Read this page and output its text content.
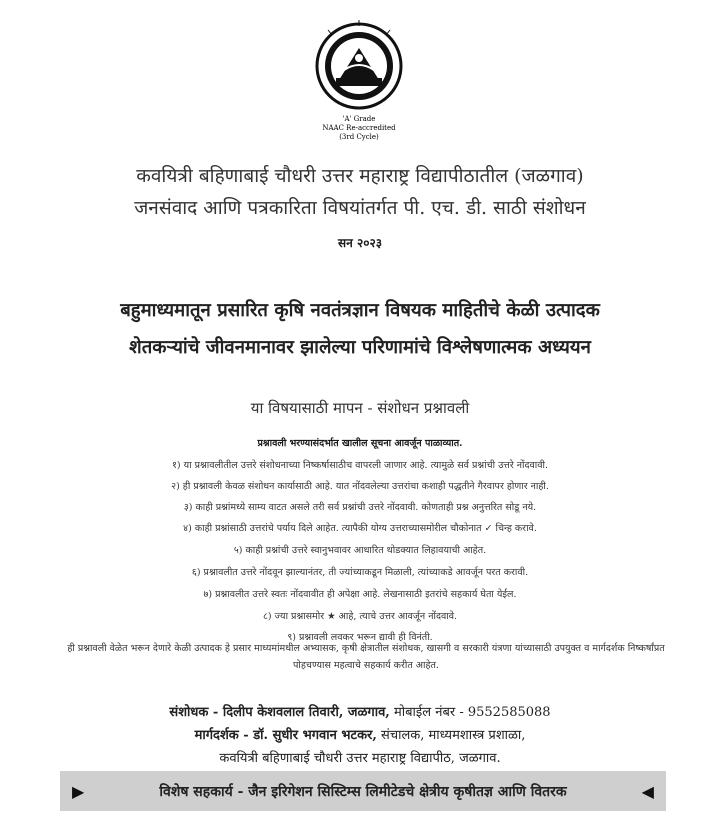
'A' Grade
NAAC Re-accredited
(3rd Cycle)
कवयित्री बहिणाबाई चौधरी उत्तर महाराष्ट्र विद्यापीठातील (जळगाव)
जनसंवाद आणि पत्रकारिता विषयांतर्गत पी. एच. डी. साठी संशोधन
सन २०२३
बहुमाध्यमातून प्रसारित कृषि नवतंत्रज्ञान विषयक माहितीचे केळी उत्पादक
शेतकऱ्यांचे जीवनमानावर झालेल्या परिणामांचे विश्लेषणात्मक अध्ययन
या विषयासाठी मापन - संशोधन प्रश्नावली
प्रश्नावली भरण्यासंदर्भात खालील सूचना आवर्जून पाळाव्यात.
१) या प्रश्नावलीतील उत्तरे संशोधनाच्या निष्कर्षासाठीच वापरली जाणार आहे. त्यामुळे सर्व प्रश्नांची उत्तरे नोंदवावी.
२) ही प्रश्नावली केवळ संशोधन कार्यासाठी आहे. यात नोंदवलेल्या उत्तरांचा कशाही पद्धतीने गैरवापर होणार नाही.
३) काही प्रश्नांमध्ये साम्य वाटत असले तरी सर्व प्रश्नांची उत्तरे नोंदवावी. कोणताही प्रश्न अनुत्तरित सोडू नये.
४) काही प्रश्नांसाठी उत्तरांचे पर्याय दिले आहेत. त्यापैकी योग्य उत्तराच्यासमोरील चौकोनात ✓ चिन्ह करावे.
५) काही प्रश्नांची उत्तरे स्वानुभवावर आधारित थोडक्यात लिहावयाची आहेत.
६) प्रश्नावलीत उत्तरे नोंदवून झाल्यानंतर, ती ज्यांच्याकडून मिळाली, त्यांच्याकडे आवर्जून परत करावी.
७) प्रश्नावलीत उत्तरे स्वतः नोंदवावीत ही अपेक्षा आहे. लेखनासाठी इतरांचे सहकार्य घेता येईल.
८) ज्या प्रश्नासमोर ★ आहे, त्याचे उत्तर आवर्जून नोंदवावे.
९) प्रश्नावली लवकर भरून द्यावी ही विनंती.
ही प्रश्नावली वेळेत भरून देणारे केळी उत्पादक हे प्रसार माध्यमांमधील अभ्यासक, कृषी क्षेत्रातील संशोधक, खासगी व सरकारी यंत्रणा यांच्यासाठी उपयुक्त व मार्गदर्शक निष्कर्षांप्रत पोहचण्यास महत्वाचे सहकार्य करीत आहेत.
संशोधक - दिलीप केशवलाल तिवारी, जळगाव, मोबाईल नंबर - 9552585088
मार्गदर्शक - डॉ. सुधीर भगवान भटकर, संचालक, माध्यमशास्त्र प्रशाळा,
कवयित्री बहिणाबाई चौधरी उत्तर महाराष्ट्र विद्यापीठ, जळगाव.
▶	विशेष सहकार्य - जैन इरिगेशन सिस्टिम्स लिमीटेडचे क्षेत्रीय कृषीतज्ञ आणि वितरक	◀
